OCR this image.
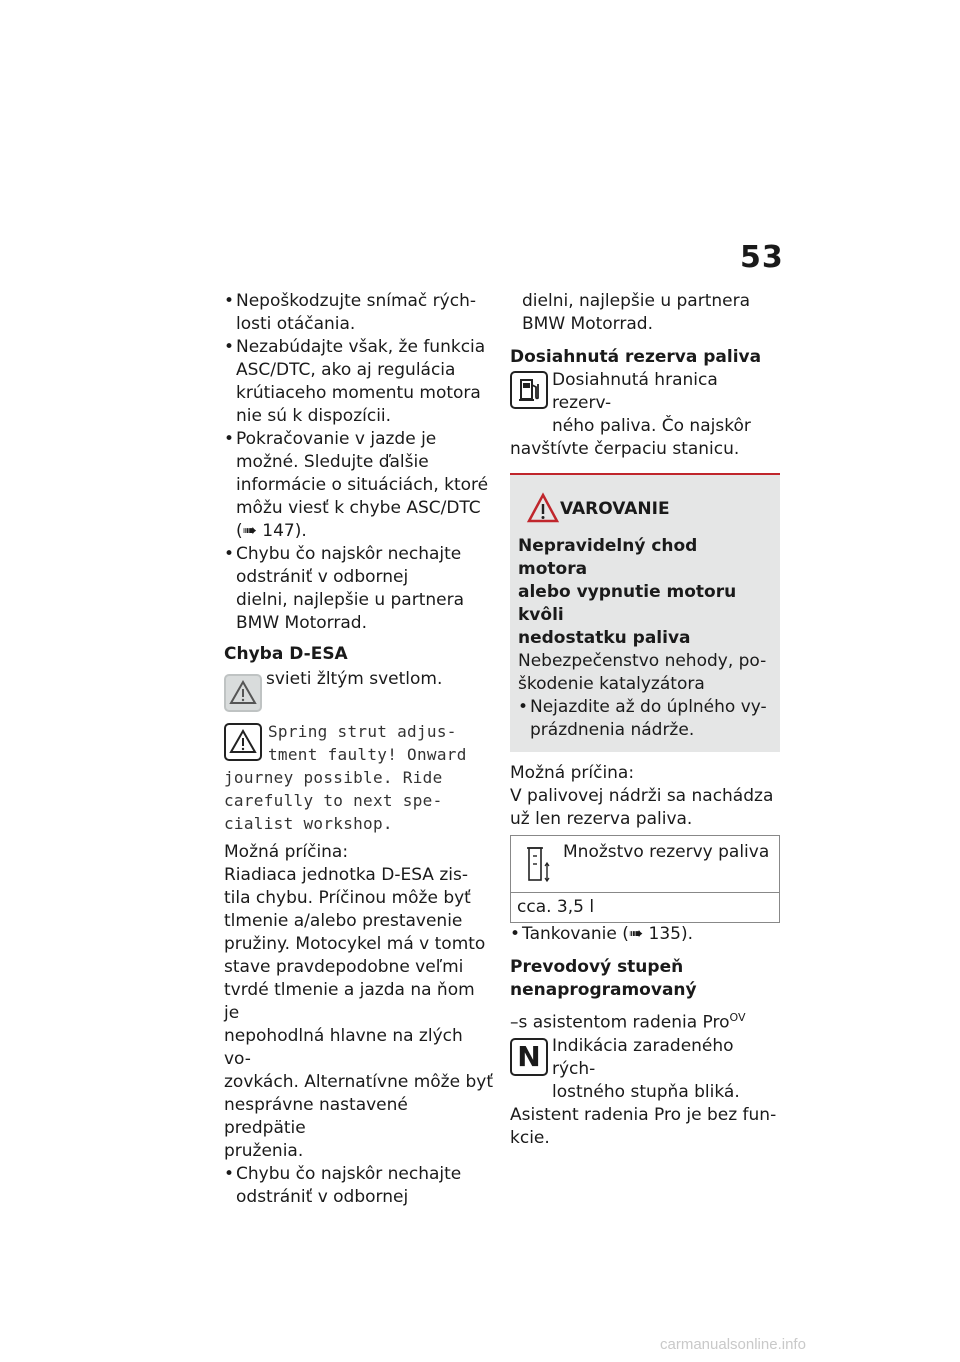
53

• Nepoškodzujte snímač rých-
losti otáčania.

• Nezabúdajte však, že funkcia
ASC/DTC, ako aj regulácia
krútiaceho momentu motora
nie sú k dispozícii.

• Pokračovanie v jazde je
možné. Sledujte ďalšie
informácie o situáciách, ktoré
môžu viesť k chybe ASC/DTC
(➠ 147).

• Chybu čo najskôr nechajte
odstrániť v odbornej
dielni, najlepšie u partnera
BMW Motorrad.

Chyba D-ESA
svieti žltým svetlom.
Spring strut adjus-
tment faulty! Onward
journey possible. Ride
carefully to next spe-
cialist workshop.
Možná príčina:
Riadiaca jednotka D-ESA zis-
tila chybu. Príčinou môže byť
tlmenie a/alebo prestavenie
pružiny. Motocykel má v tomto
stave pravdepodobne veľmi
tvrdé tlmenie a jazda na ňom je
nepohodlná hlavne na zlých vo-
zovkách. Alternatívne môže byť
nesprávne nastavené predpätie
pruženia.

• Chybu čo najskôr nechajte
odstrániť v odbornej

dielni, najlepšie u partnera
BMW Motorrad.
Dosiahnutá rezerva paliva
Dosiahnutá hranica rezerv-
ného paliva. Čo najskôr
navštívte čerpaciu stanicu.
VAROVANIE
Nepravidelný chod motora
alebo vypnutie motoru kvôli
nedostatku paliva
Nebezpečenstvo nehody, po-
škodenie katalyzátora

• Nejazdite až do úplného vy-
prázdnenia nádrže.

Možná príčina:
V palivovej nádrži sa nachádza
už len rezerva paliva.
Množstvo rezervy paliva
cca. 3,5 l

• Tankovanie (➠ 135).

Prevodový stupeň
nenaprogramovaný
–s asistentom radenia Pro$^{OV}$
N Indikácia zaradeného rých-
lostného stupňa bliká.
Asistent radenia Pro je bez fun-
kcie.
carmanualsonline.info
